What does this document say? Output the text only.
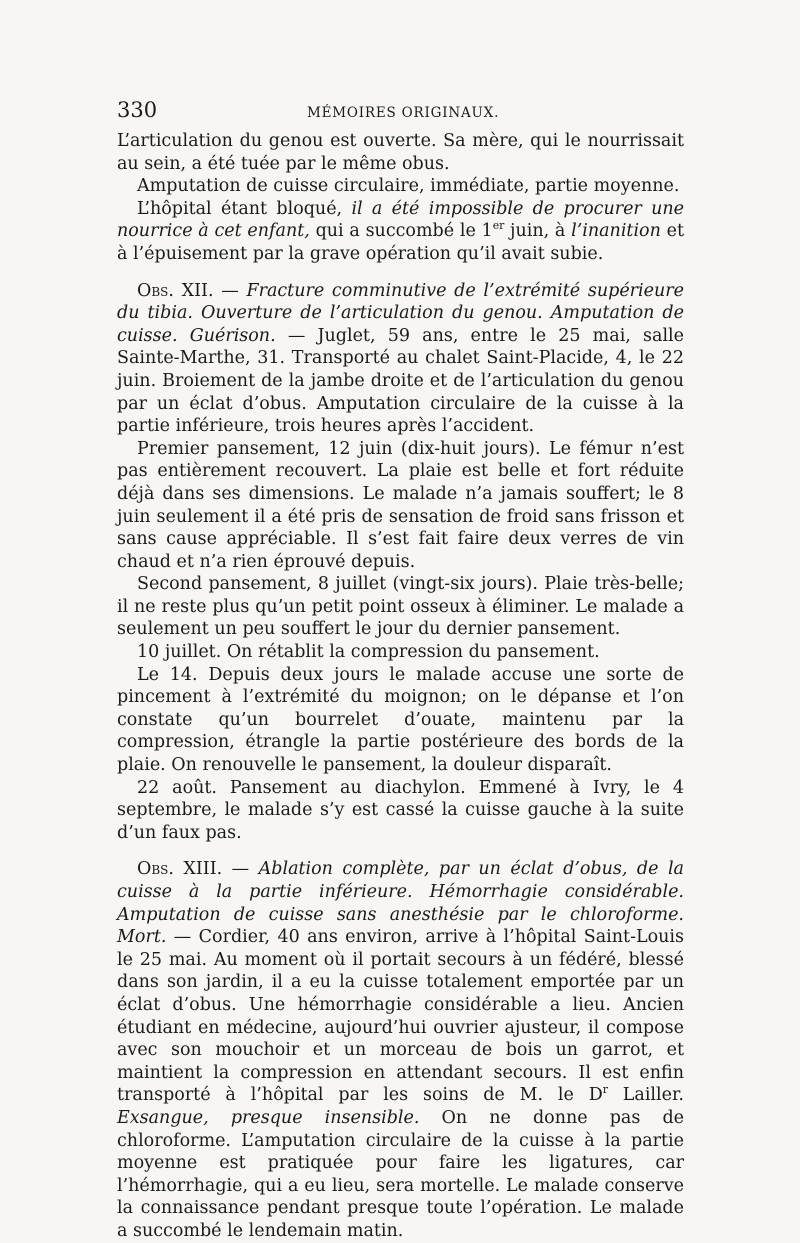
330	MÉMOIRES ORIGINAUX.

L’articulation du genou est ouverte. Sa mère, qui le nourrissait au sein, a été tuée par le même obus.

Amputation de cuisse circulaire, immédiate, partie moyenne.

L’hôpital étant bloqué, il a été impossible de procurer une nourrice à cet enfant, qui a succombé le 1er juin, à l’inanition et à l’épuisement par la grave opération qu’il avait subie.

Obs. XII. — Fracture comminutive de l’extrémité supérieure du tibia. Ouverture de l’articulation du genou. Amputation de cuisse. Guérison. — Juglet, 59 ans, entre le 25 mai, salle Sainte-Marthe, 31. Transporté au chalet Saint-Placide, 4, le 22 juin. Broiement de la jambe droite et de l’articulation du genou par un éclat d’obus. Amputation circulaire de la cuisse à la partie inférieure, trois heures après l’accident.

Premier pansement, 12 juin (dix-huit jours). Le fémur n’est pas entièrement recouvert. La plaie est belle et fort réduite déjà dans ses dimensions. Le malade n’a jamais souffert; le 8 juin seulement il a été pris de sensation de froid sans frisson et sans cause appréciable. Il s’est fait faire deux verres de vin chaud et n’a rien éprouvé depuis.

Second pansement, 8 juillet (vingt-six jours). Plaie très-belle; il ne reste plus qu’un petit point osseux à éliminer. Le malade a seulement un peu souffert le jour du dernier pansement.

10 juillet. On rétablit la compression du pansement.

Le 14. Depuis deux jours le malade accuse une sorte de pincement à l’extrémité du moignon; on le dépanse et l’on constate qu’un bourrelet d’ouate, maintenu par la compression, étrangle la partie postérieure des bords de la plaie. On renouvelle le pansement, la douleur disparaît.

22 août. Pansement au diachylon. Emmené à Ivry, le 4 septembre, le malade s’y est cassé la cuisse gauche à la suite d’un faux pas.

Obs. XIII. — Ablation complète, par un éclat d’obus, de la cuisse à la partie inférieure. Hémorrhagie considérable. Amputation de cuisse sans anesthésie par le chloroforme. Mort. — Cordier, 40 ans environ, arrive à l’hôpital Saint-Louis le 25 mai. Au moment où il portait secours à un fédéré, blessé dans son jardin, il a eu la cuisse totalement emportée par un éclat d’obus. Une hémorrhagie considérable a lieu. Ancien étudiant en médecine, aujourd’hui ouvrier ajusteur, il compose avec son mouchoir et un morceau de bois un garrot, et maintient la compression en attendant secours. Il est enfin transporté à l’hôpital par les soins de M. le $D^r$ Lailler. Exsangue, presque insensible. On ne donne pas de chloroforme. L’amputation circulaire de la cuisse à la partie moyenne est pratiquée pour faire les ligatures, car l’hémorrhagie, qui a eu lieu, sera mortelle. Le malade conserve la connaissance pendant presque toute l’opération. Le malade a succombé le lendemain matin.
